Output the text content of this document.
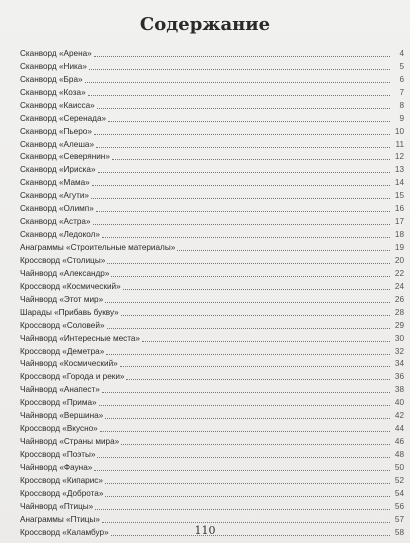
Содержание
Сканворд «Арена»	4
Сканворд «Ника»	5
Сканворд «Бра»	6
Сканворд «Коза»	7
Сканворд «Каисса»	8
Сканворд «Серенада»	9
Сканворд «Пьеро»	10
Сканворд «Алеша»	11
Сканворд «Северянин»	12
Сканворд «Ириска»	13
Сканворд «Мама»	14
Сканворд «Агути»	15
Сканворд «Олимп»	16
Сканворд «Астра»	17
Сканворд «Ледокол»	18
Анаграммы «Строительные материалы»	19
Кроссворд «Столицы»	20
Чайнворд «Александр»	22
Кроссворд «Космический»	24
Чайнворд «Этот мир»	26
Шарады «Прибавь букву»	28
Кроссворд «Соловей»	29
Чайнворд «Интересные места»	30
Кроссворд «Деметра»	32
Чайнворд «Космический»	34
Кроссворд «Города и реки»	36
Чайнворд «Анапест»	38
Кроссворд «Прима»	40
Чайнворд «Вершина»	42
Кроссворд «Вкусно»	44
Чайнворд «Страны мира»	46
Кроссворд «Поэты»	48
Чайнворд «Фауна»	50
Кроссворд «Кипарис»	52
Кроссворд «Доброта»	54
Чайнворд «Птицы»	56
Анаграммы «Птицы»	57
Кроссворд «Каламбур»	58
110
